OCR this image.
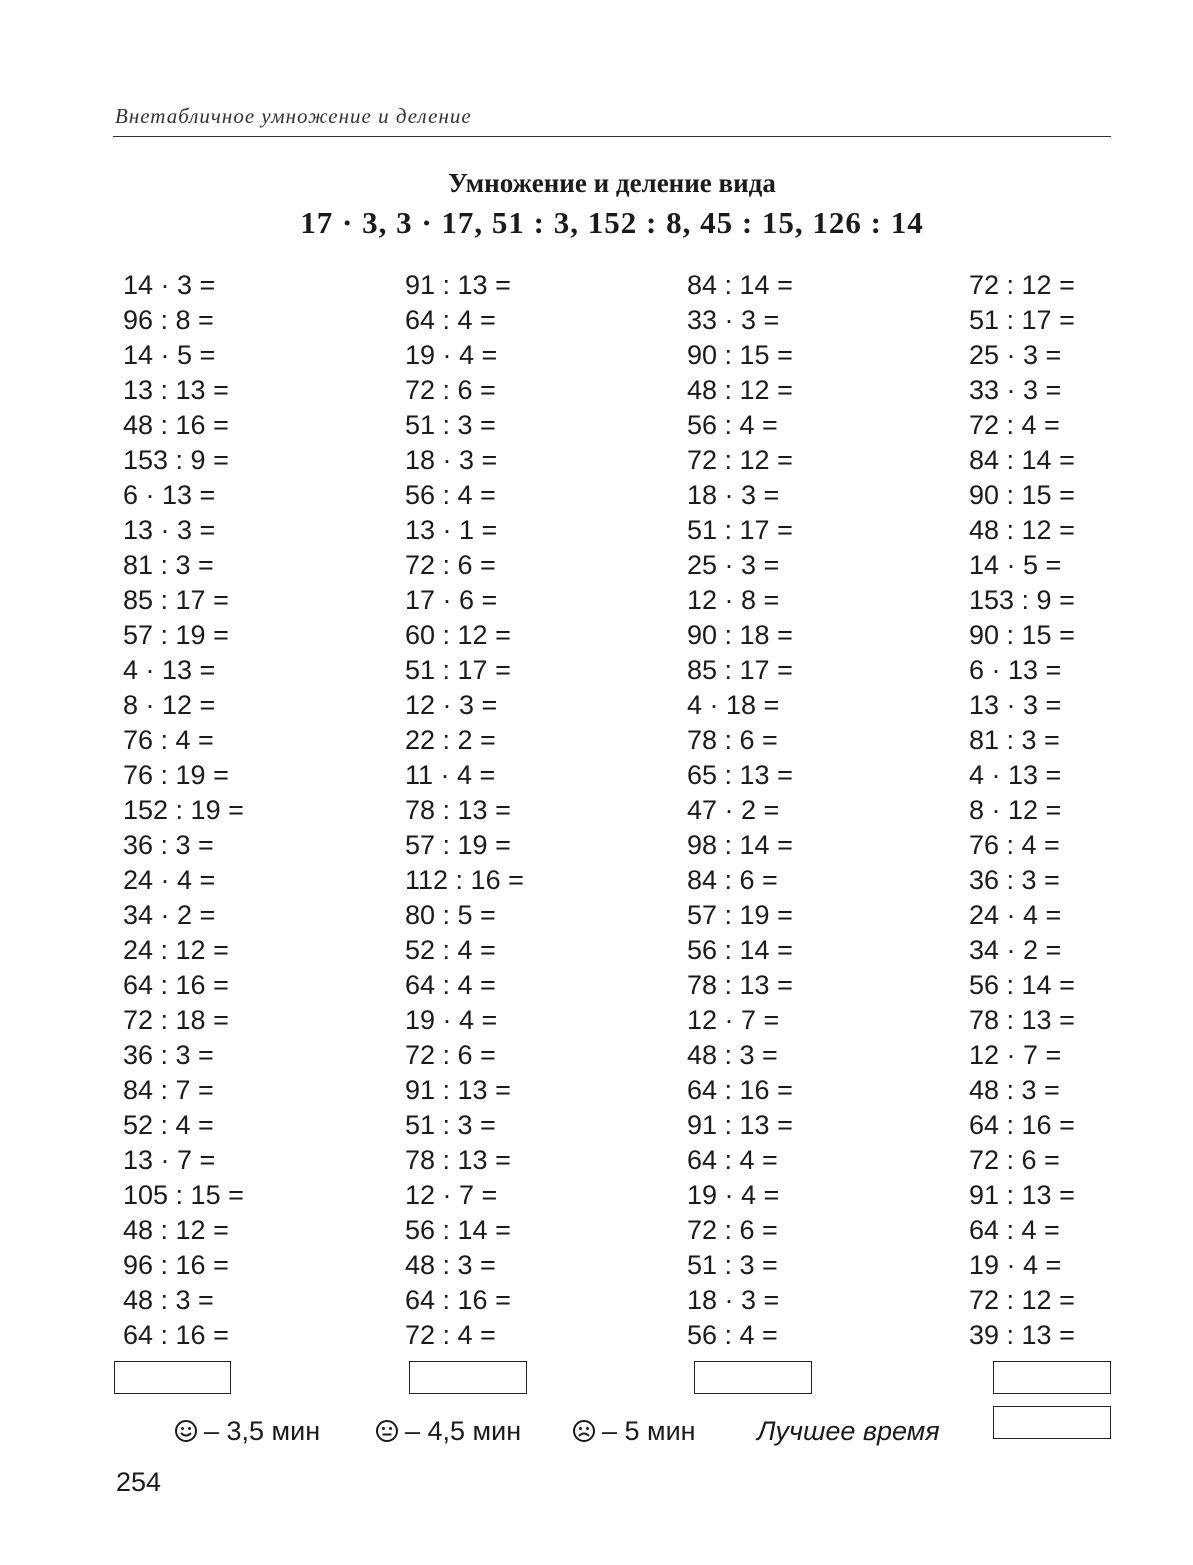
Внетабличное умножение и деление
Умножение и деление вида
17 · 3, 3 · 17, 51 : 3, 152 : 8, 45 : 15, 126 : 14
14 · 3 =
96 : 8 =
14 · 5 =
13 : 13 =
48 : 16 =
153 : 9 =
6 · 13 =
13 · 3 =
81 : 3 =
85 : 17 =
57 : 19 =
4 · 13 =
8 · 12 =
76 : 4 =
76 : 19 =
152 : 19 =
36 : 3 =
24 · 4 =
34 · 2 =
24 : 12 =
64 : 16 =
72 : 18 =
36 : 3 =
84 : 7 =
52 : 4 =
13 · 7 =
105 : 15 =
48 : 12 =
96 : 16 =
48 : 3 =
64 : 16 =
91 : 13 =
64 : 4 =
19 · 4 =
72 : 6 =
51 : 3 =
18 · 3 =
56 : 4 =
13 · 1 =
72 : 6 =
17 · 6 =
60 : 12 =
51 : 17 =
12 · 3 =
22 : 2 =
11 · 4 =
78 : 13 =
57 : 19 =
112 : 16 =
80 : 5 =
52 : 4 =
64 : 4 =
19 · 4 =
72 : 6 =
91 : 13 =
51 : 3 =
78 : 13 =
12 · 7 =
56 : 14 =
48 : 3 =
64 : 16 =
72 : 4 =
84 : 14 =
33 · 3 =
90 : 15 =
48 : 12 =
56 : 4 =
72 : 12 =
18 · 3 =
51 : 17 =
25 · 3 =
12 · 8 =
90 : 18 =
85 : 17 =
4 · 18 =
78 : 6 =
65 : 13 =
47 · 2 =
98 : 14 =
84 : 6 =
57 : 19 =
56 : 14 =
78 : 13 =
12 · 7 =
48 : 3 =
64 : 16 =
91 : 13 =
64 : 4 =
19 · 4 =
72 : 6 =
51 : 3 =
18 · 3 =
56 : 4 =
72 : 12 =
51 : 17 =
25 · 3 =
33 · 3 =
72 : 4 =
84 : 14 =
90 : 15 =
48 : 12 =
14 · 5 =
153 : 9 =
90 : 15 =
6 · 13 =
13 · 3 =
81 : 3 =
4 · 13 =
8 · 12 =
76 : 4 =
36 : 3 =
24 · 4 =
34 · 2 =
56 : 14 =
78 : 13 =
12 · 7 =
48 : 3 =
64 : 16 =
72 : 6 =
91 : 13 =
64 : 4 =
19 · 4 =
72 : 12 =
39 : 13 =
– 3,5 мин	– 4,5 мин	– 5 мин Лучшее время
254
